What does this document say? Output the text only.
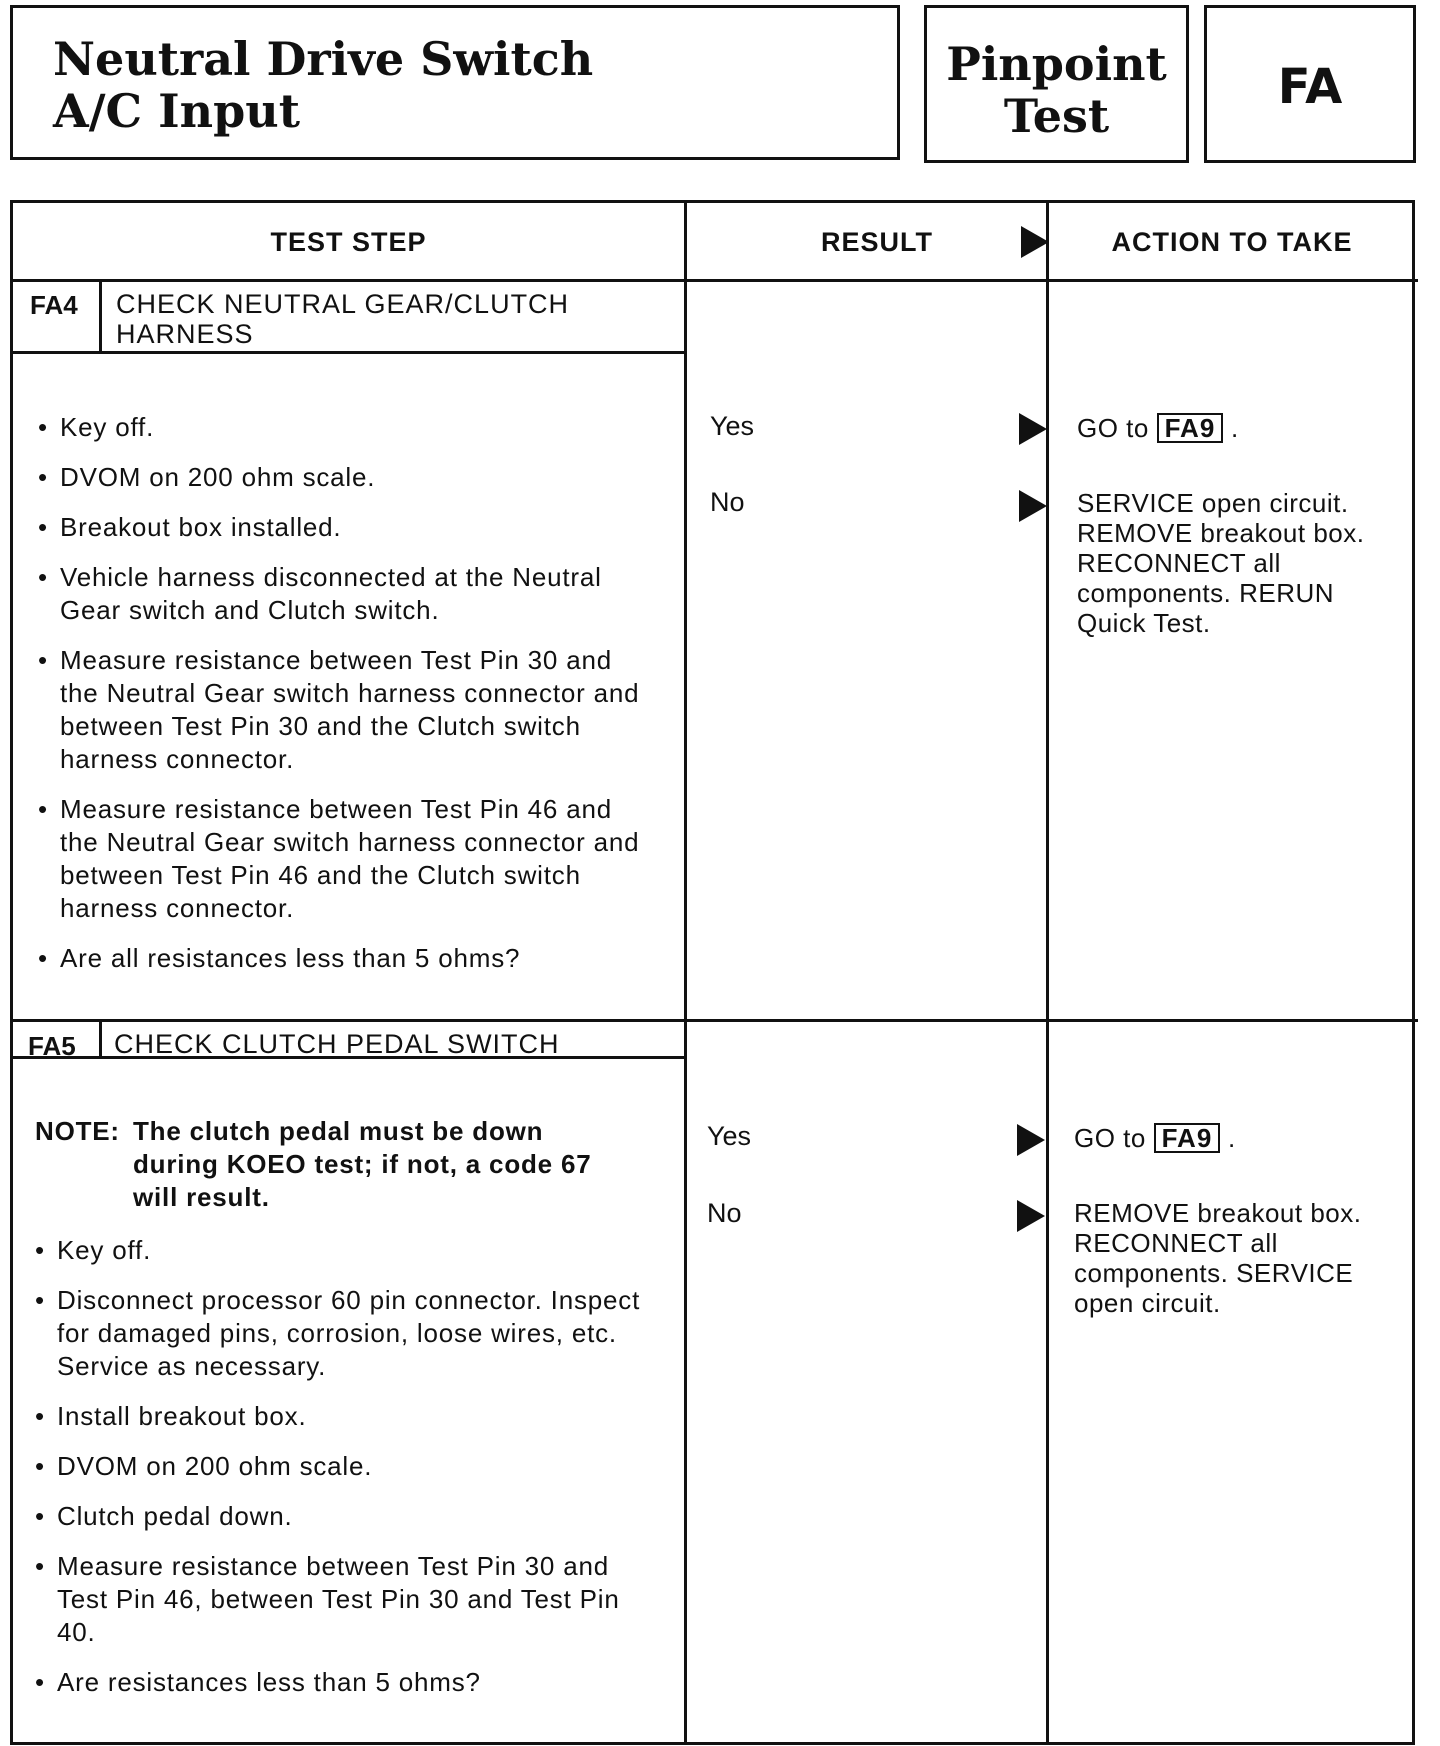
Neutral Drive Switch
A/C Input
Pinpoint
Test
FA
TEST STEP	RESULT	ACTION TO TAKE
FA4 CHECK NEUTRAL GEAR/CLUTCH
HARNESS
• Key off.
• DVOM on 200 ohm scale.
• Breakout box installed.
• Vehicle harness disconnected at the Neutral Gear switch and Clutch switch.
• Measure resistance between Test Pin 30 and the Neutral Gear switch harness connector and between Test Pin 30 and the Clutch switch harness connector.
• Measure resistance between Test Pin 46 and the Neutral Gear switch harness connector and between Test Pin 46 and the Clutch switch harness connector.
• Are all resistances less than 5 ohms?
Yes	GO to FA9 .
No	SERVICE open circuit. REMOVE breakout box. RECONNECT all components. RERUN Quick Test.
FA5 CHECK CLUTCH PEDAL SWITCH
NOTE: The clutch pedal must be down during KOEO test; if not, a code 67 will result.
• Key off.
• Disconnect processor 60 pin connector. Inspect for damaged pins, corrosion, loose wires, etc. Service as necessary.
• Install breakout box.
• DVOM on 200 ohm scale.
• Clutch pedal down.
• Measure resistance between Test Pin 30 and Test Pin 46, between Test Pin 30 and Test Pin 40.
• Are resistances less than 5 ohms?
Yes	GO to FA9 .
No	REMOVE breakout box. RECONNECT all components. SERVICE open circuit.
